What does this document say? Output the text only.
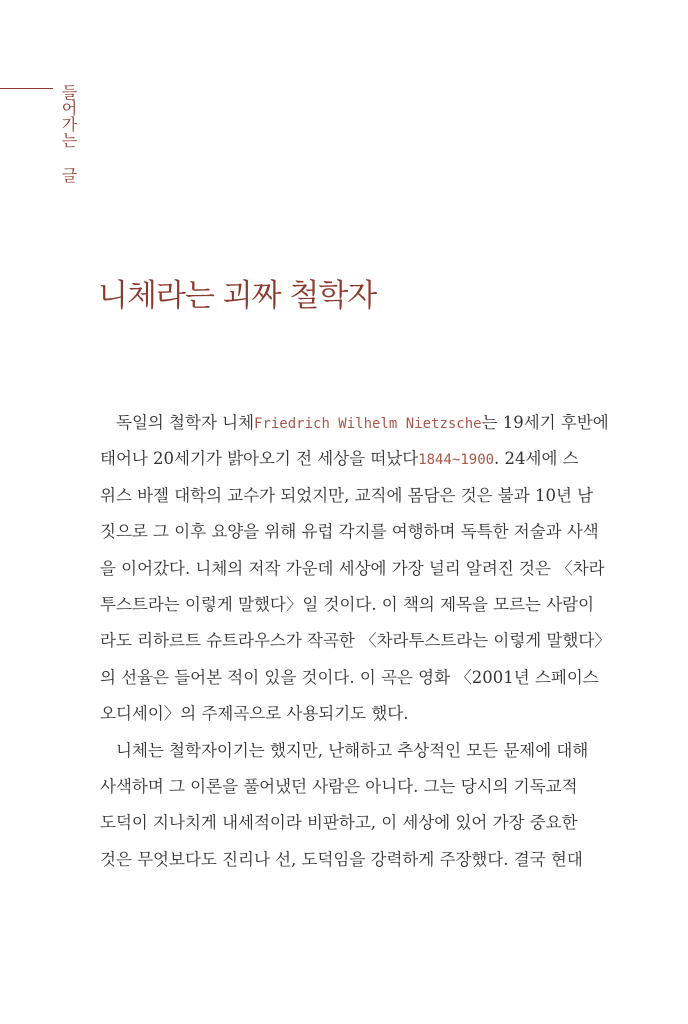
들어가는 글
니체라는 괴짜 철학자
독일의 철학자 니체Friedrich Wilhelm Nietzsche는 19세기 후반에
태어나 20세기가 밝아오기 전 세상을 떠났다1844~1900. 24세에 스
위스 바젤 대학의 교수가 되었지만, 교직에 몸담은 것은 불과 10년 남
짓으로 그 이후 요양을 위해 유럽 각지를 여행하며 독특한 저술과 사색
을 이어갔다. 니체의 저작 가운데 세상에 가장 널리 알려진 것은 〈차라
투스트라는 이렇게 말했다〉일 것이다. 이 책의 제목을 모르는 사람이
라도 리하르트 슈트라우스가 작곡한 〈차라투스트라는 이렇게 말했다〉
의 선율은 들어본 적이 있을 것이다. 이 곡은 영화 〈2001년 스페이스
오디세이〉의 주제곡으로 사용되기도 했다.
니체는 철학자이기는 했지만, 난해하고 추상적인 모든 문제에 대해
사색하며 그 이론을 풀어냈던 사람은 아니다. 그는 당시의 기독교적
도덕이 지나치게 내세적이라 비판하고, 이 세상에 있어 가장 중요한
것은 무엇보다도 진리나 선, 도덕임을 강력하게 주장했다. 결국 현대
